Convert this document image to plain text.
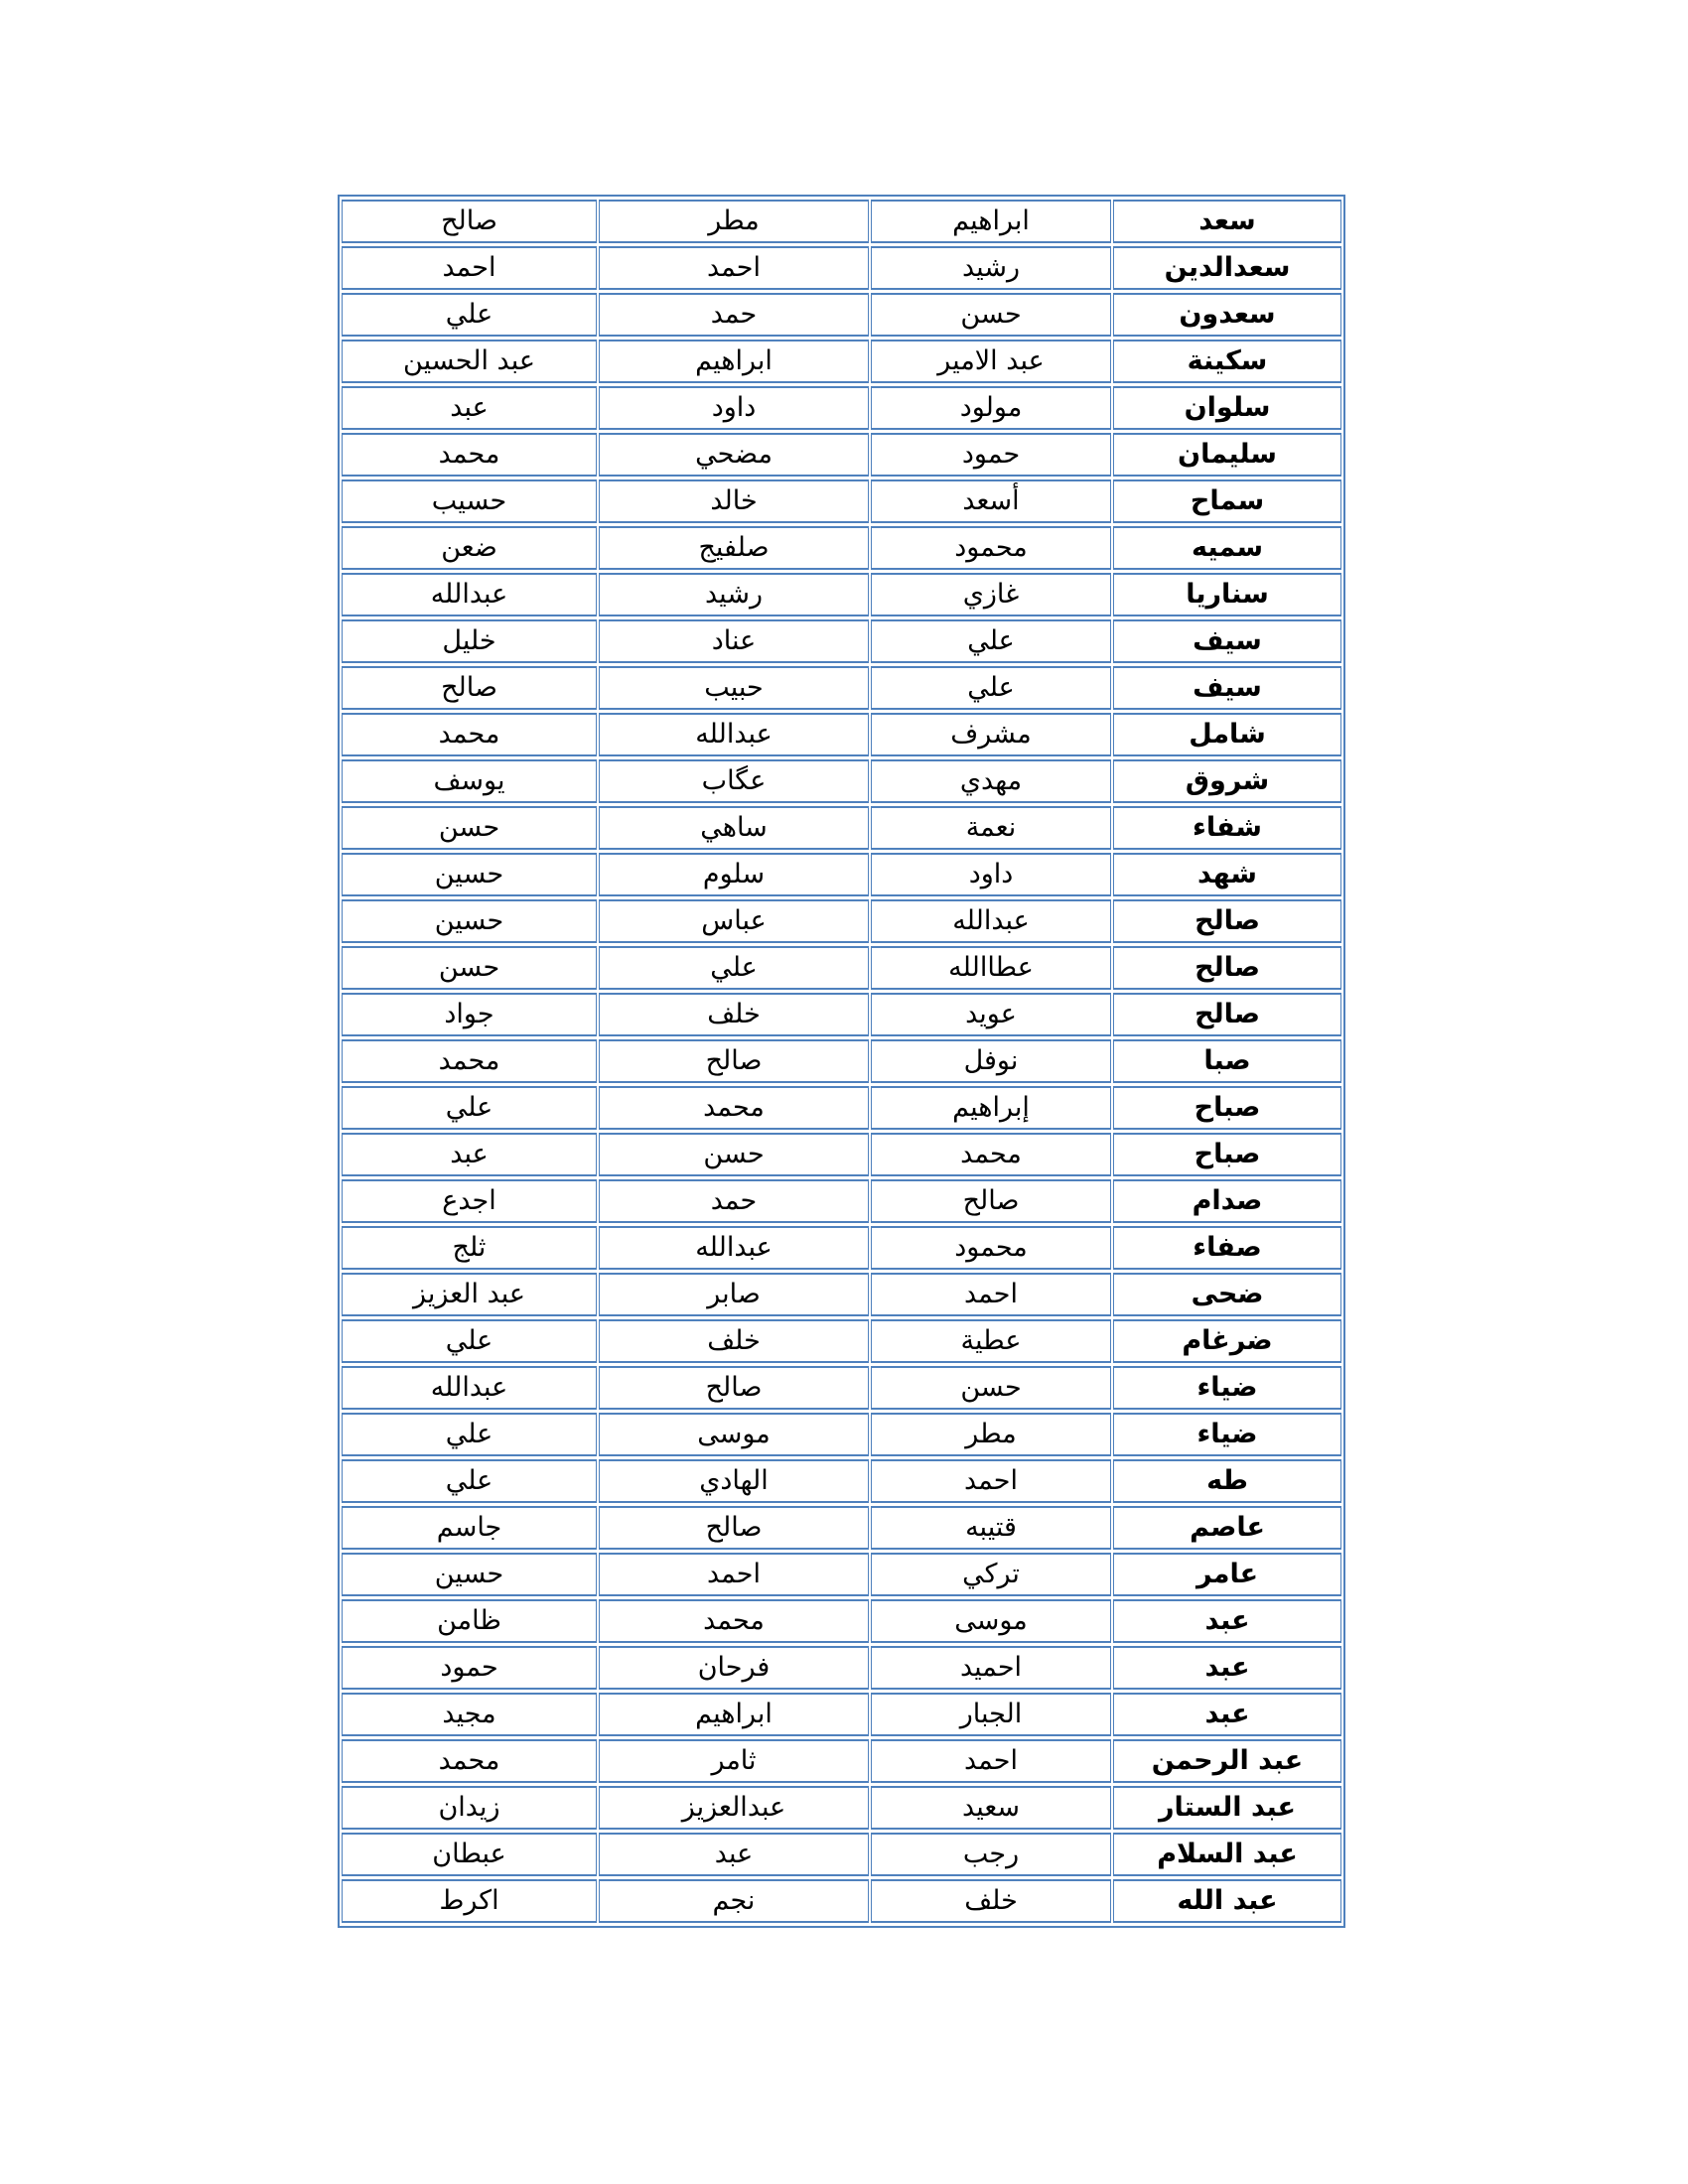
سعد	ابراهيم	مطر	صالح
سعدالدين	رشيد	احمد	احمد
سعدون	حسن	حمد	علي
سكينة	عبد الامير	ابراهيم	عبد الحسين
سلوان	مولود	داود	عبد
سليمان	حمود	مضحي	محمد
سماح	أسعد	خالد	حسيب
سميه	محمود	صلفيج	ضعن
سناريا	غازي	رشيد	عبدالله
سيف	علي	عناد	خليل
سيف	علي	حبيب	صالح
شامل	مشرف	عبدالله	محمد
شروق	مهدي	عگاب	يوسف
شفاء	نعمة	ساهي	حسن
شهد	داود	سلوم	حسين
صالح	عبدالله	عباس	حسين
صالح	عطاالله	علي	حسن
صالح	عويد	خلف	جواد
صبا	نوفل	صالح	محمد
صباح	إبراهيم	محمد	علي
صباح	محمد	حسن	عبد
صدام	صالح	حمد	اجدع
صفاء	محمود	عبدالله	ثلج
ضحى	احمد	صابر	عبد العزيز
ضرغام	عطية	خلف	علي
ضياء	حسن	صالح	عبدالله
ضياء	مطر	موسى	علي
طه	احمد	الهادي	علي
عاصم	قتيبه	صالح	جاسم
عامر	تركي	احمد	حسين
عبد	موسى	محمد	ظامن
عبد	احميد	فرحان	حمود
عبد	الجبار	ابراهيم	مجيد
عبد الرحمن	احمد	ثامر	محمد
عبد الستار	سعيد	عبدالعزيز	زيدان
عبد السلام	رجب	عبد	عبطان
عبد الله	خلف	نجم	اكرط
